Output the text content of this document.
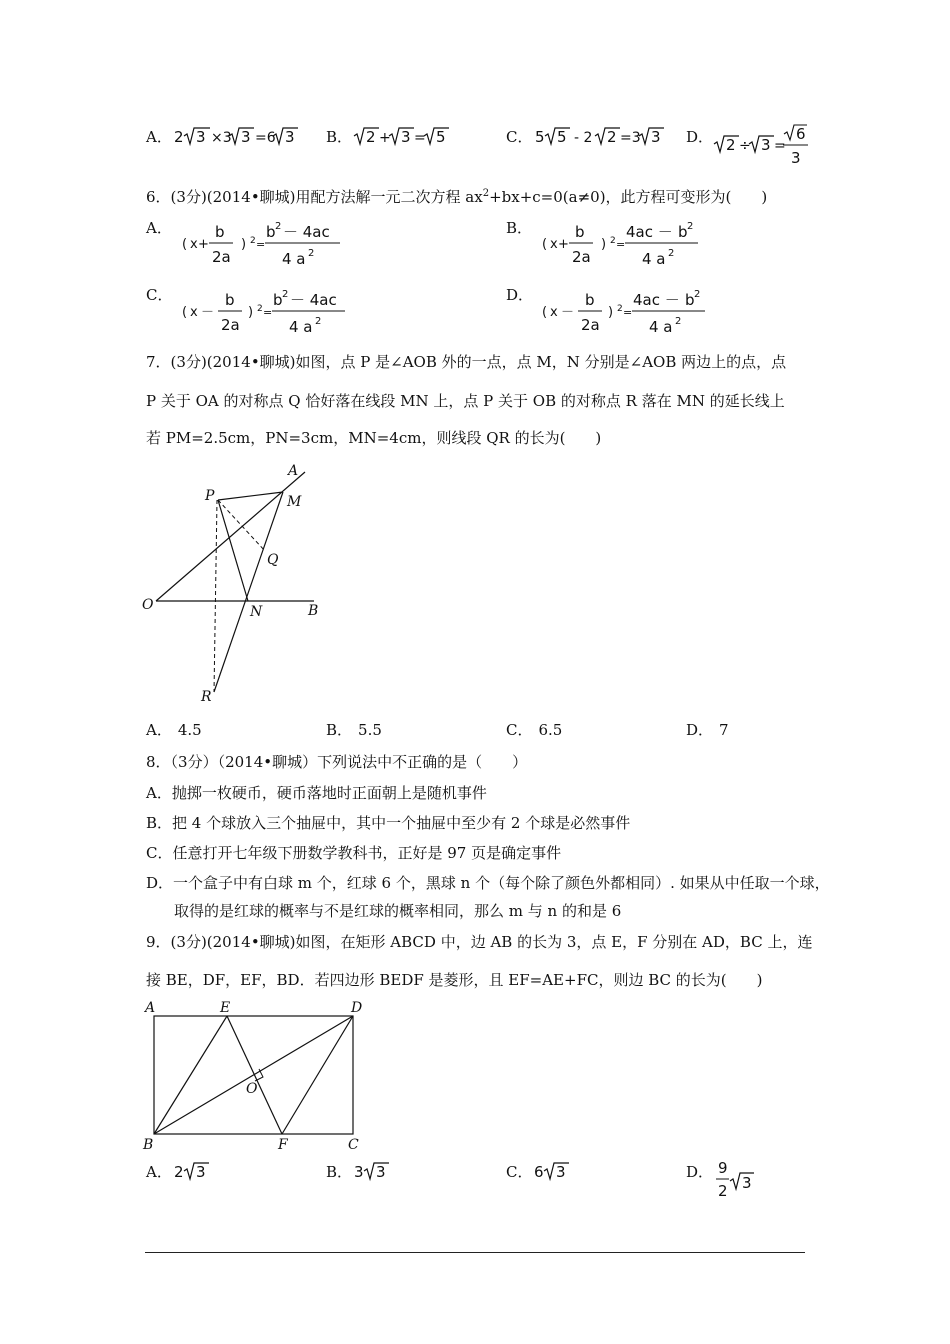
A． 2 3 ×3 3 =6 3 B． 2 + 3 = 5	C． 5 5 - 2 2 =3 3 D． 2 ÷ 3 =
6
3
6．(3分)(2014•聊城)用配方法解一元二次方程 $ax^2+bx+c=0(a\ne 0)$，此方程可变形为(　　)
A．
( x +
b
2a
) 2 =
b 2 － 4ac
4 a 2
B．
( x +
b
2a
) 2 =
4ac － b 2
4 a 2
C．
( x －
b
2a
) 2 =
b 2 － 4ac
4 a 2
D．
( x －
b
2a
) 2 =
4ac － b 2
4 a 2
7．(3分)(2014•聊城)如图，点 P 是∠AOB 外的一点，点 M，N 分别是∠AOB 两边上的点，点
P 关于 OA 的对称点 Q 恰好落在线段 MN 上，点 P 关于 OB 的对称点 R 落在 MN 的延长线上
若 PM=2.5cm，PN=3cm，MN=4cm，则线段 QR 的长为(　　)
A
P	M
Q
O	N	B
R
A． 4.5	B． 5.5	C． 6.5	D． 7
8．（3分）（2014•聊城）下列说法中不正确的是（　　）
A．抛掷一枚硬币，硬币落地时正面朝上是随机事件
B．把 4 个球放入三个抽屉中，其中一个抽屉中至少有 2 个球是必然事件
C．任意打开七年级下册数学教科书，正好是 97 页是确定事件
D．一个盒子中有白球 m 个，红球 6 个，黑球 n 个（每个除了颜色外都相同）. 如果从中任取一个球，
取得的是红球的概率与不是红球的概率相同，那么 m 与 n 的和是 6
9．(3分)(2014•聊城)如图，在矩形 ABCD 中，边 AB 的长为 3，点 E，F 分别在 AD，BC 上，连
接 BE，DF，EF，BD．若四边形 BEDF 是菱形，且 EF=AE+FC，则边 BC 的长为(　　)
A	E	D
O
B	F	C
A． 2 3	B． 3 3	C． 6 3	D． 9
2 3
